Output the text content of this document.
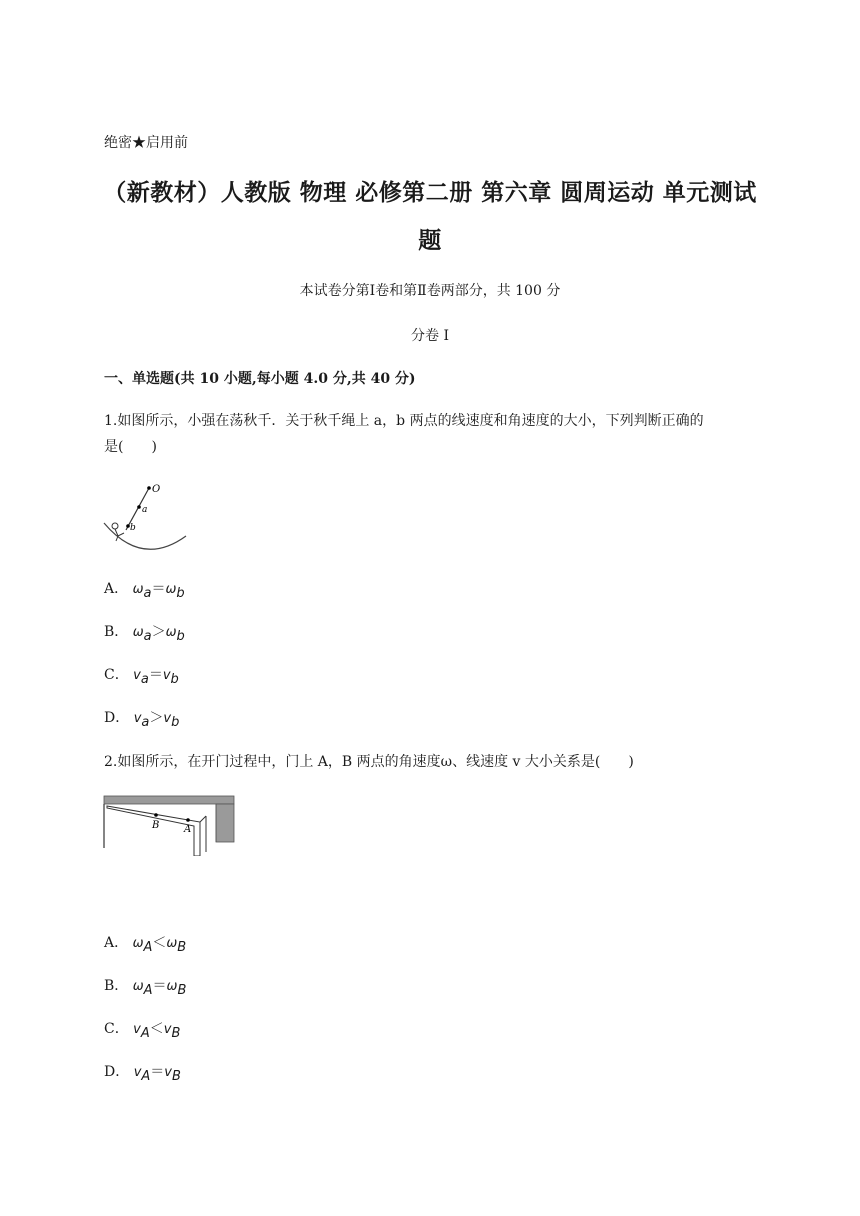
绝密★启用前
（新教材）人教版 物理 必修第二册 第六章 圆周运动 单元测试
题
本试卷分第Ⅰ卷和第Ⅱ卷两部分，共 100 分
分卷 I
一、单选题(共 10 小题,每小题 4.0 分,共 40 分)
1.如图所示，小强在荡秋千．关于秋千绳上 a，b 两点的线速度和角速度的大小，下列判断正确的
是(　　)
O
a
b
A． $\omega_a=\omega_b$
B． $\omega_a>\omega_b$
C． $v_a=v_b$
D． $v_a>v_b$
2.如图所示，在开门过程中，门上 A，B 两点的角速度ω、线速度 v 大小关系是(　　)
B A
A． $\omega_A<\omega_B$
B． $\omega_A=\omega_B$
C． $v_A<v_B$
D． $v_A=v_B$
